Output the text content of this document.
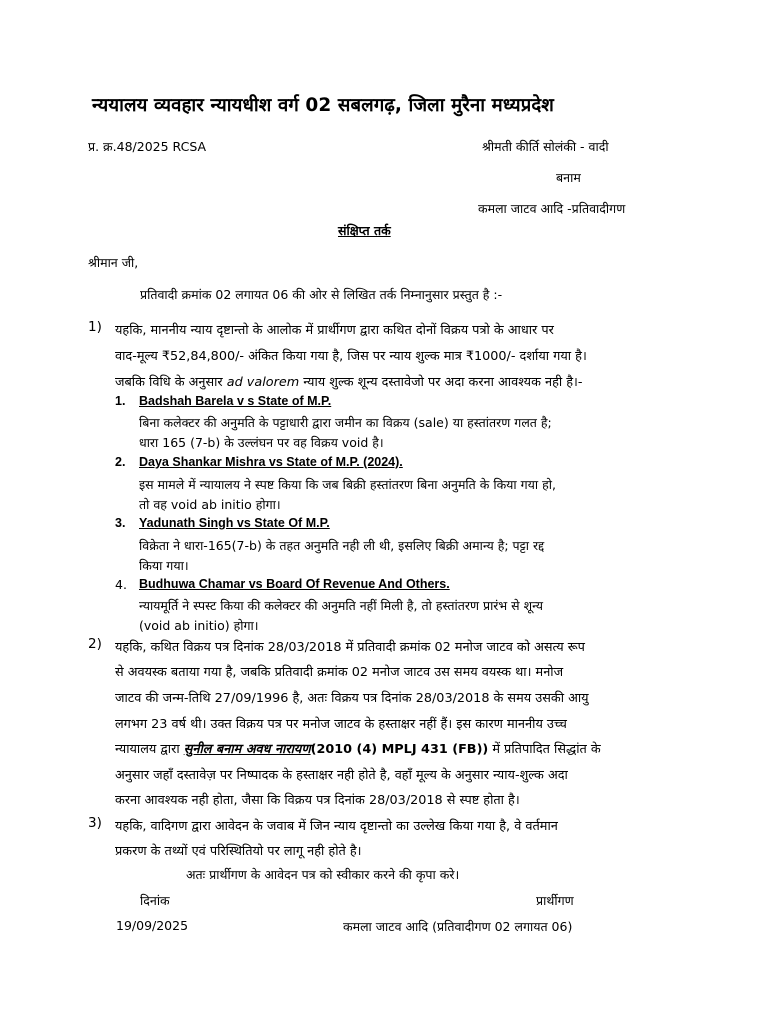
न्ययालय व्यवहार न्यायधीश वर्ग 02 सबलगढ़, जिला मुरैना मध्यप्रदेश
प्र. क्र.48/2025 RCSA	श्रीमती कीर्ति सोलंकी - वादी
बनाम
कमला जाटव आदि -प्रतिवादीगण
संक्षिप्त तर्क
श्रीमान जी,
प्रतिवादी क्रमांक 02 लगायत 06 की ओर से लिखित तर्क निम्नानुसार प्रस्तुत है :-
1) यहकि, माननीय न्याय दृष्टान्तो के आलोक में प्रार्थीगण द्वारा कथित दोनों विक्रय पत्रो के आधार पर
वाद-मूल्य ₹52,84,800/- अंकित किया गया है, जिस पर न्याय शुल्क मात्र ₹1000/- दर्शाया गया है।
जबकि विधि के अनुसार ad valorem न्याय शुल्क शून्य दस्तावेजो पर अदा करना आवश्यक नही है।-
1. Badshah Barela v s State of M.P.
बिना कलेक्टर की अनुमति के पट्टाधारी द्वारा जमीन का विक्रय (sale) या हस्तांतरण गलत है;
धारा 165 (7-b) के उल्लंघन पर वह विक्रय void है।
2. Daya Shankar Mishra vs State of M.P. (2024).
इस मामले में न्यायालय ने स्पष्ट किया कि जब बिक्री हस्तांतरण बिना अनुमति के किया गया हो,
तो वह void ab initio होगा।
3. Yadunath Singh vs State Of M.P.
विक्रेता ने धारा-165(7-b) के तहत अनुमति नही ली थी, इसलिए बिक्री अमान्य है; पट्टा रद्द
किया गया।
4. Budhuwa Chamar vs Board Of Revenue And Others.
न्यायमूर्ति ने स्पस्ट किया की कलेक्टर की अनुमति नहीं मिली है, तो हस्तांतरण प्रारंभ से शून्य
(void ab initio) होगा।
2) यहकि, कथित विक्रय पत्र दिनांक 28/03/2018 में प्रतिवादी क्रमांक 02 मनोज जाटव को असत्य रूप
से अवयस्क बताया गया है, जबकि प्रतिवादी क्रमांक 02 मनोज जाटव उस समय वयस्क था। मनोज
जाटव की जन्म-तिथि 27/09/1996 है, अतः विक्रय पत्र दिनांक 28/03/2018 के समय उसकी आयु
लगभग 23 वर्ष थी। उक्त विक्रय पत्र पर मनोज जाटव के हस्ताक्षर नहीं हैं। इस कारण माननीय उच्च
न्यायालय द्वारा सुनील बनाम अवध नारायण(2010 (4) MPLJ 431 (FB)) में प्रतिपादित सिद्धांत के
अनुसार जहाँ दस्तावेज़ पर निष्पादक के हस्ताक्षर नही होते है, वहाँ मूल्य के अनुसार न्याय-शुल्क अदा
करना आवश्यक नही होता, जैसा कि विक्रय पत्र दिनांक 28/03/2018 से स्पष्ट होता है।
3) यहकि, वादिगण द्वारा आवेदन के जवाब में जिन न्याय दृष्टान्तो का उल्लेख किया गया है, वे वर्तमान
प्रकरण के तथ्यों एवं परिस्थितियो पर लागू नही होते है।
अतः प्रार्थीगण के आवेदन पत्र को स्वीकार करने की कृपा करे।
दिनांक	प्रार्थीगण
19/09/2025	कमला जाटव आदि (प्रतिवादीगण 02 लगायत 06)
